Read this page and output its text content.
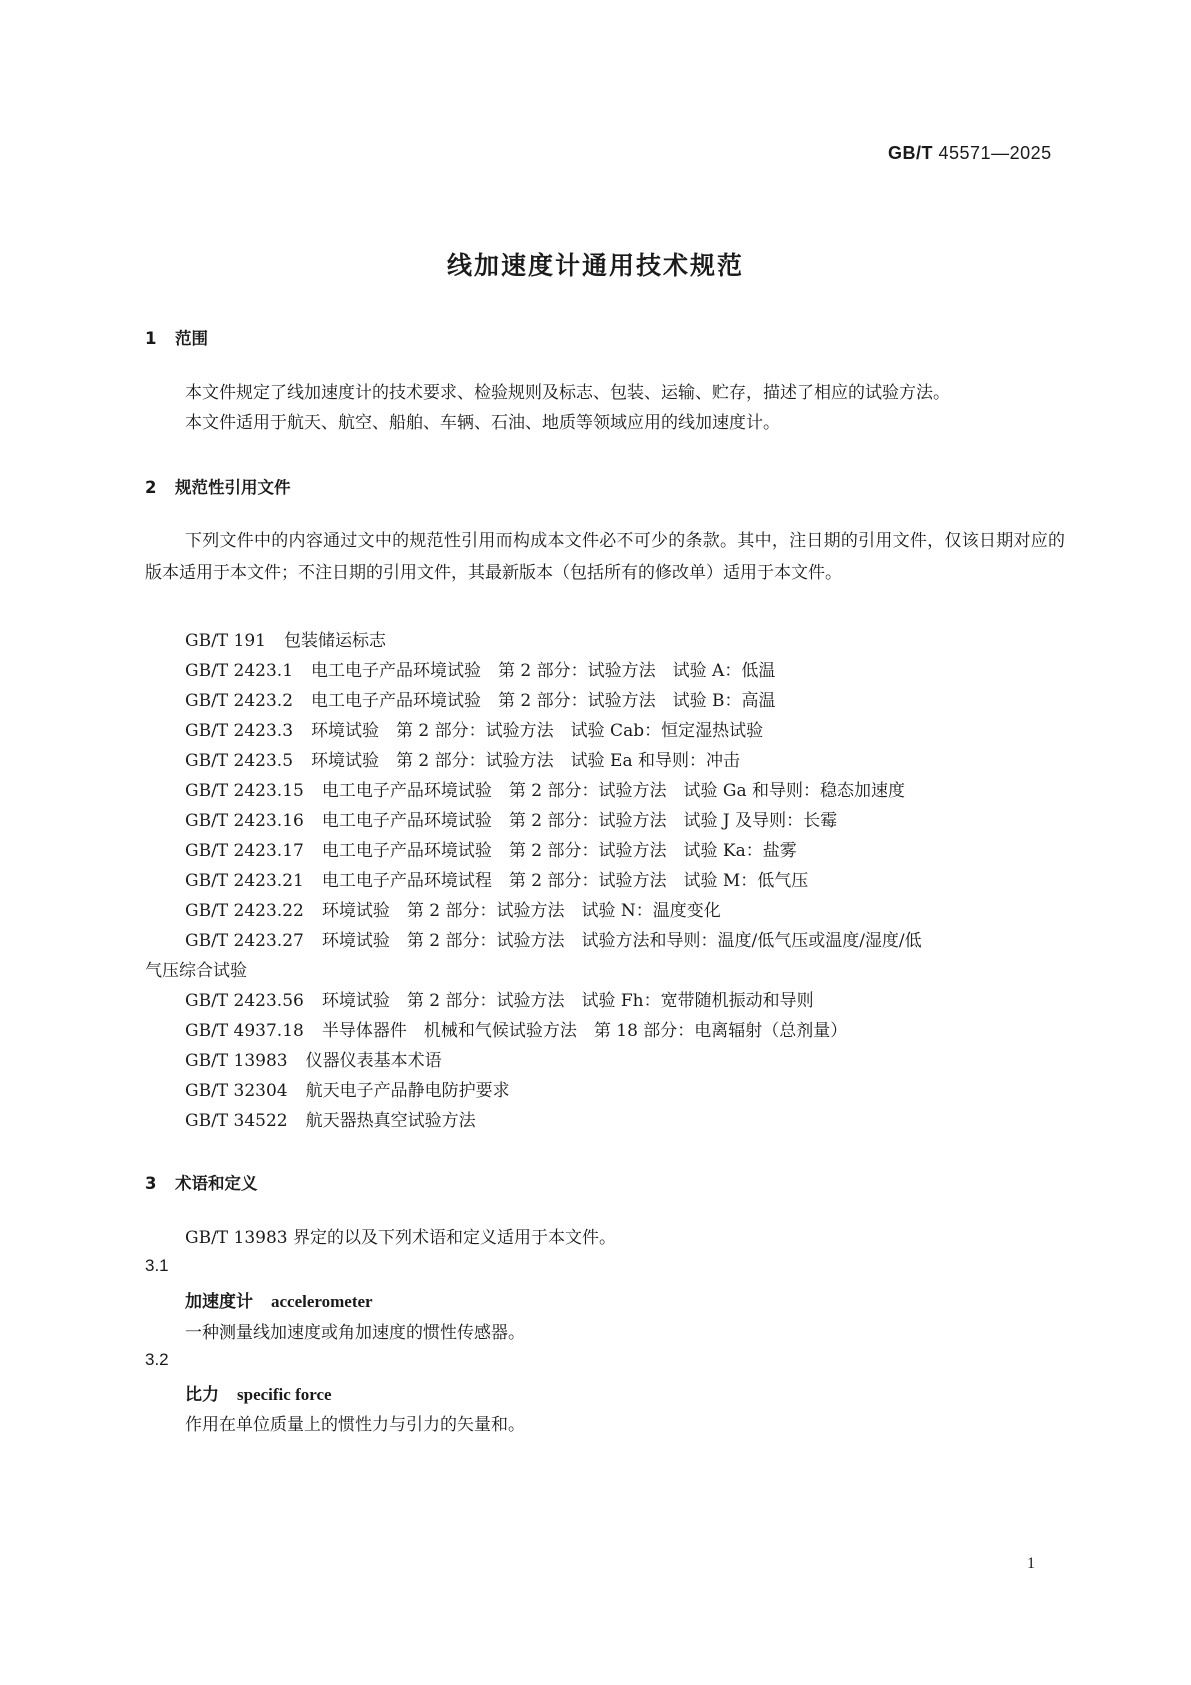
GB/T 45571—2025
线加速度计通用技术规范
1 范围
本文件规定了线加速度计的技术要求、检验规则及标志、包装、运输、贮存，描述了相应的试验方法。
本文件适用于航天、航空、船舶、车辆、石油、地质等领域应用的线加速度计。
2 规范性引用文件
下列文件中的内容通过文中的规范性引用而构成本文件必不可少的条款。其中，注日期的引用文件，仅该日期对应的版本适用于本文件；不注日期的引用文件，其最新版本（包括所有的修改单）适用于本文件。
GB/T 191 包装储运标志
GB/T 2423.1 电工电子产品环境试验　第 2 部分：试验方法　试验 A：低温
GB/T 2423.2 电工电子产品环境试验　第 2 部分：试验方法　试验 B：高温
GB/T 2423.3 环境试验　第 2 部分：试验方法　试验 Cab：恒定湿热试验
GB/T 2423.5 环境试验　第 2 部分：试验方法　试验 Ea 和导则：冲击
GB/T 2423.15 电工电子产品环境试验　第 2 部分：试验方法　试验 Ga 和导则：稳态加速度
GB/T 2423.16 电工电子产品环境试验　第 2 部分：试验方法　试验 J 及导则：长霉
GB/T 2423.17 电工电子产品环境试验　第 2 部分：试验方法　试验 Ka：盐雾
GB/T 2423.21 电工电子产品环境试程　第 2 部分：试验方法　试验 M：低气压
GB/T 2423.22 环境试验　第 2 部分：试验方法　试验 N：温度变化
GB/T 2423.27 环境试验　第 2 部分：试验方法　试验方法和导则：温度/低气压或温度/湿度/低
气压综合试验
GB/T 2423.56 环境试验　第 2 部分：试验方法　试验 Fh：宽带随机振动和导则
GB/T 4937.18 半导体器件　机械和气候试验方法　第 18 部分：电离辐射（总剂量）
GB/T 13983 仪器仪表基本术语
GB/T 32304 航天电子产品静电防护要求
GB/T 34522 航天器热真空试验方法
3 术语和定义
GB/T 13983 界定的以及下列术语和定义适用于本文件。
3.1
加速度计 accelerometer
一种测量线加速度或角加速度的惯性传感器。
3.2
比力 specific force
作用在单位质量上的惯性力与引力的矢量和。
1
